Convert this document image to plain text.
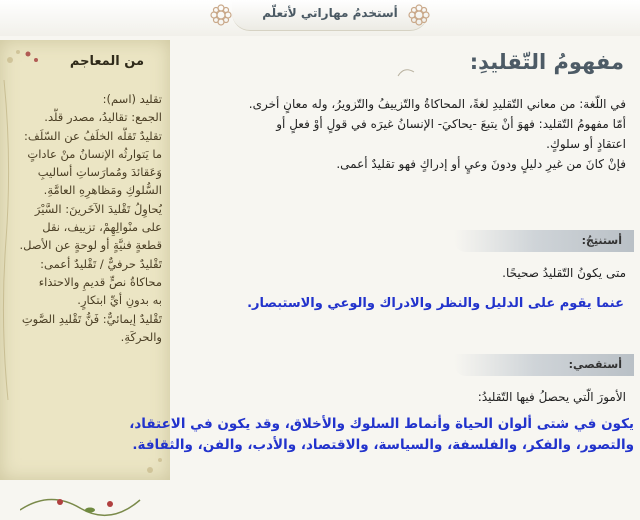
أستخدمُ مهاراتي لأتعلّم
من المعاجم
تقليد (اسم):
الجمع: تقاليدُ، مصدر قلَّد.
تقليدٌ تَقلَّه الخلَفُ عن السّلَف:
ما يَتوارثُه الإنسانُ منْ عاداتٍ
وَعَقائدَ ومُمارَساتِ أساليبِ
السُّلوكِ ومَظاهرِهِ العامَّةِ.
يُحاوِلُ تَقْليدَ الآخَرينَ: السَّيْرَ
على منْوالِهِمْ، تزييف، نقل
قطعةٍ فنيَّةٍ أو لوحةٍ عن الأصل.
تَقْليدٌ حرفيٌّ / تَقْليدٌ أعمى:
محاكاةُ نصٍّ قديمٍ والاحتذاء
به بدونِ أيِّ ابتكارٍ.
تَقْليدٌ إيمائيٌّ: فَنُّ تَقْليدِ الصَّوتِ
والحركَةِ.
مفهومُ التّقليدِ:
في اللّغة: من معاني التّقليدِ لغةً، المحاكاةُ والتّزييفُ والتّزويرُ، وله معانٍ أخرى.
أمّا مفهومُ التّقليد: فهوَ أنْ يتبعَ -يحاكيَ- الإنسانُ غيرَه في قولٍ أوْ فعلٍ أو
اعتقادٍ أو سلوكٍ.
فإنْ كانَ من غيرِ دليلٍ ودونَ وعيٍ أو إدراكٍ فهو تقليدٌ أعمى.
أستنتِجُ:
متى يكونُ التّقليدُ صحيحًا.
عنما يقوم على الدليل والنظر والادراك والوعي والاستبصار.
أستقصي:
الأمورَ الّتي يحصلُ فيها التّقليدُ:
يكون في شتى ألوان الحياة وأنماط السلوك والأخلاق، وقد يكون في الاعتقاد،
والتصور، والفكر، والفلسفة، والسياسة، والاقتصاد، والأدب، والفن، والثقافة.
